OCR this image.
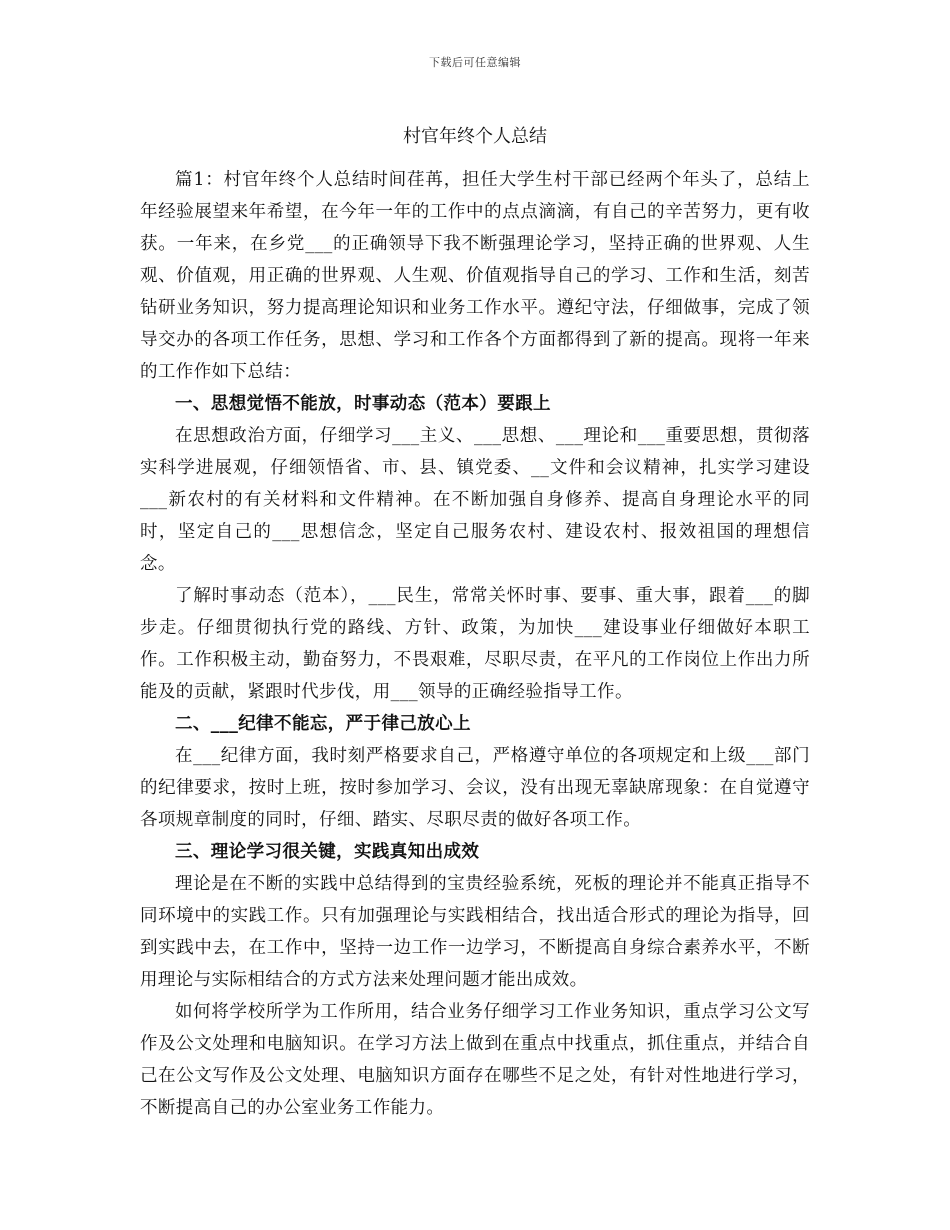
下载后可任意编辑
村官年终个人总结

篇1：村官年终个人总结时间荏苒，担任大学生村干部已经两个年头了，总结上年经验展望来年希望，在今年一年的工作中的点点滴滴，有自己的辛苦努力，更有收获。一年来，在乡党___的正确领导下我不断强理论学习，坚持正确的世界观、人生观、价值观，用正确的世界观、人生观、价值观指导自己的学习、工作和生活，刻苦钻研业务知识，努力提高理论知识和业务工作水平。遵纪守法，仔细做事，完成了领导交办的各项工作任务，思想、学习和工作各个方面都得到了新的提高。现将一年来的工作作如下总结：

一、思想觉悟不能放，时事动态（范本）要跟上

在思想政治方面，仔细学习___主义、___思想、___理论和___重要思想，贯彻落实科学进展观，仔细领悟省、市、县、镇党委、__文件和会议精神，扎实学习建设___新农村的有关材料和文件精神。在不断加强自身修养、提高自身理论水平的同时，坚定自己的___思想信念，坚定自己服务农村、建设农村、报效祖国的理想信念。

了解时事动态（范本），___民生，常常关怀时事、要事、重大事，跟着___的脚步走。仔细贯彻执行党的路线、方针、政策，为加快___建设事业仔细做好本职工作。工作积极主动，勤奋努力，不畏艰难，尽职尽责，在平凡的工作岗位上作出力所能及的贡献，紧跟时代步伐，用___领导的正确经验指导工作。

二、___纪律不能忘，严于律己放心上

在___纪律方面，我时刻严格要求自己，严格遵守单位的各项规定和上级___部门的纪律要求，按时上班，按时参加学习、会议，没有出现无辜缺席现象：在自觉遵守各项规章制度的同时，仔细、踏实、尽职尽责的做好各项工作。

三、理论学习很关键，实践真知出成效

理论是在不断的实践中总结得到的宝贵经验系统，死板的理论并不能真正指导不同环境中的实践工作。只有加强理论与实践相结合，找出适合形式的理论为指导，回到实践中去，在工作中，坚持一边工作一边学习，不断提高自身综合素养水平，不断用理论与实际相结合的方式方法来处理问题才能出成效。

如何将学校所学为工作所用，结合业务仔细学习工作业务知识，重点学习公文写作及公文处理和电脑知识。在学习方法上做到在重点中找重点，抓住重点，并结合自己在公文写作及公文处理、电脑知识方面存在哪些不足之处，有针对性地进行学习，不断提高自己的办公室业务工作能力。
